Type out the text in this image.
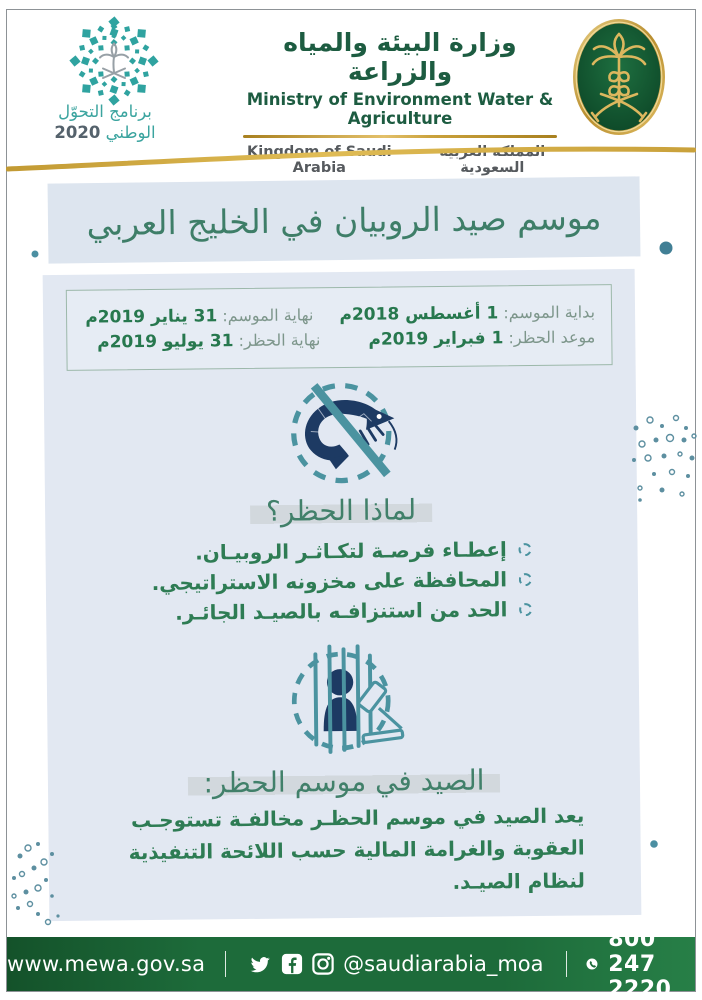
برنامج التحوّل
الوطني 2020
وزارة البيئة والمياه والزراعة
Ministry of Environment Water & Agriculture
Kingdom of Saudi Arabia
المملكة العربية السعودية
موسم صيد الروبيان في الخليج العربي
بداية الموسم: 1 أغسطس 2018م
نهاية الموسم: 31 يناير 2019م
موعد الحظر: 1 فبراير 2019م
نهاية الحظر: 31 يوليو 2019م
لماذا الحظر؟
إعطـاء فرصـة لتكـاثـر الروبيـان.
المحافظة على مخزونه الاستراتيجي.
الحد من استنزافـه بالصيـد الجائـر.
الصيد في موسم الحظر:

يعد الصيد في موسم الحظـر مخالفـة تستوجـب العقوبة والغرامة المالية حسب اللائحة التنفيذية لنظام الصيـد.

www.mewa.gov.sa	@saudiarabia_moa
800 247 2220
